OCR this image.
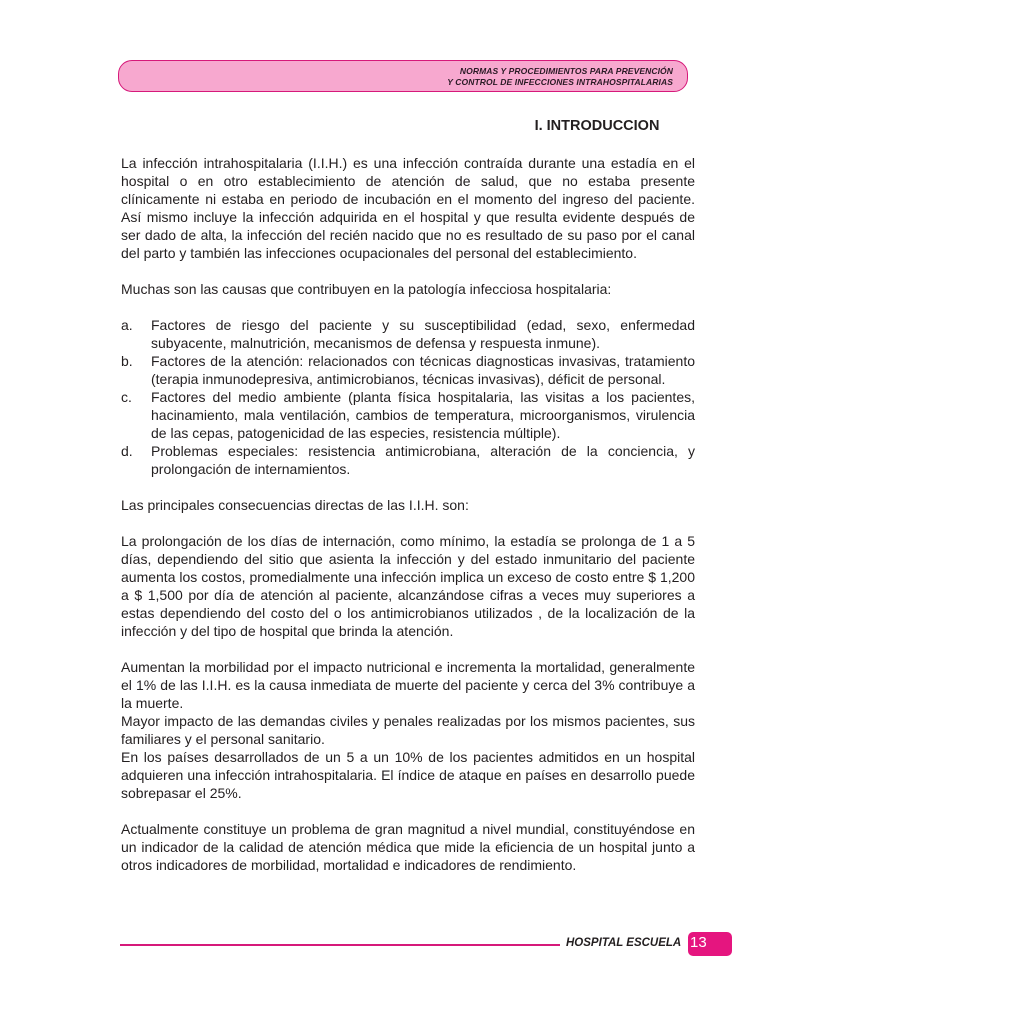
NORMAS Y PROCEDIMIENTOS PARA PREVENCIÓN
Y CONTROL DE INFECCIONES INTRAHOSPITALARIAS
I. INTRODUCCION

La infección intrahospitalaria (I.I.H.) es una infección contraída durante una estadía en el hospital o en otro establecimiento de atención de salud, que no estaba presente clínicamente ni estaba en periodo de incubación en el momento del ingreso del paciente. Así mismo incluye la infección adquirida en el hospital y que resulta evidente después de ser dado de alta, la infección del recién nacido que no es resultado de su paso por el canal del parto y también las infecciones ocupacionales del personal del establecimiento.

Muchas son las causas que contribuyen en la patología infecciosa hospitalaria:

a. Factores de riesgo del paciente y su susceptibilidad (edad, sexo, enfermedad subyacente, malnutrición, mecanismos de defensa y respuesta inmune).
b. Factores de la atención: relacionados con técnicas diagnosticas invasivas, tratamiento (terapia inmunodepresiva, antimicrobianos, técnicas invasivas), déficit de personal.
c. Factores del medio ambiente (planta física hospitalaria, las visitas a los pacientes, hacinamiento, mala ventilación, cambios de temperatura, microorganismos, virulencia de las cepas, patogenicidad de las especies, resistencia múltiple).
d. Problemas especiales: resistencia antimicrobiana, alteración de la conciencia, y prolongación de internamientos.

Las principales consecuencias directas de las I.I.H. son:

La prolongación de los días de internación, como mínimo, la estadía se prolonga de 1 a 5 días, dependiendo del sitio que asienta la infección y del estado inmunitario del paciente aumenta los costos, promedialmente una infección implica un exceso de costo entre $ 1,200 a $ 1,500 por día de atención al paciente, alcanzándose cifras a veces muy superiores a estas dependiendo del costo del o los antimicrobianos utilizados , de la localización de la infección y del tipo de hospital que brinda la atención.

Aumentan la morbilidad por el impacto nutricional e incrementa la mortalidad, generalmente el 1% de las I.I.H. es la causa inmediata de muerte del paciente y cerca del 3% contribuye a la muerte.

Mayor impacto de las demandas civiles y penales realizadas por los mismos pacientes, sus familiares y el personal sanitario.

En los países desarrollados de un 5 a un 10% de los pacientes admitidos en un hospital adquieren una infección intrahospitalaria. El índice de ataque en países en desarrollo puede sobrepasar el 25%.

Actualmente constituye un problema de gran magnitud a nivel mundial, constituyéndose en un indicador de la calidad de atención médica que mide la eficiencia de un hospital junto a otros indicadores de morbilidad, mortalidad e indicadores de rendimiento.

HOSPITAL ESCUELA 13
